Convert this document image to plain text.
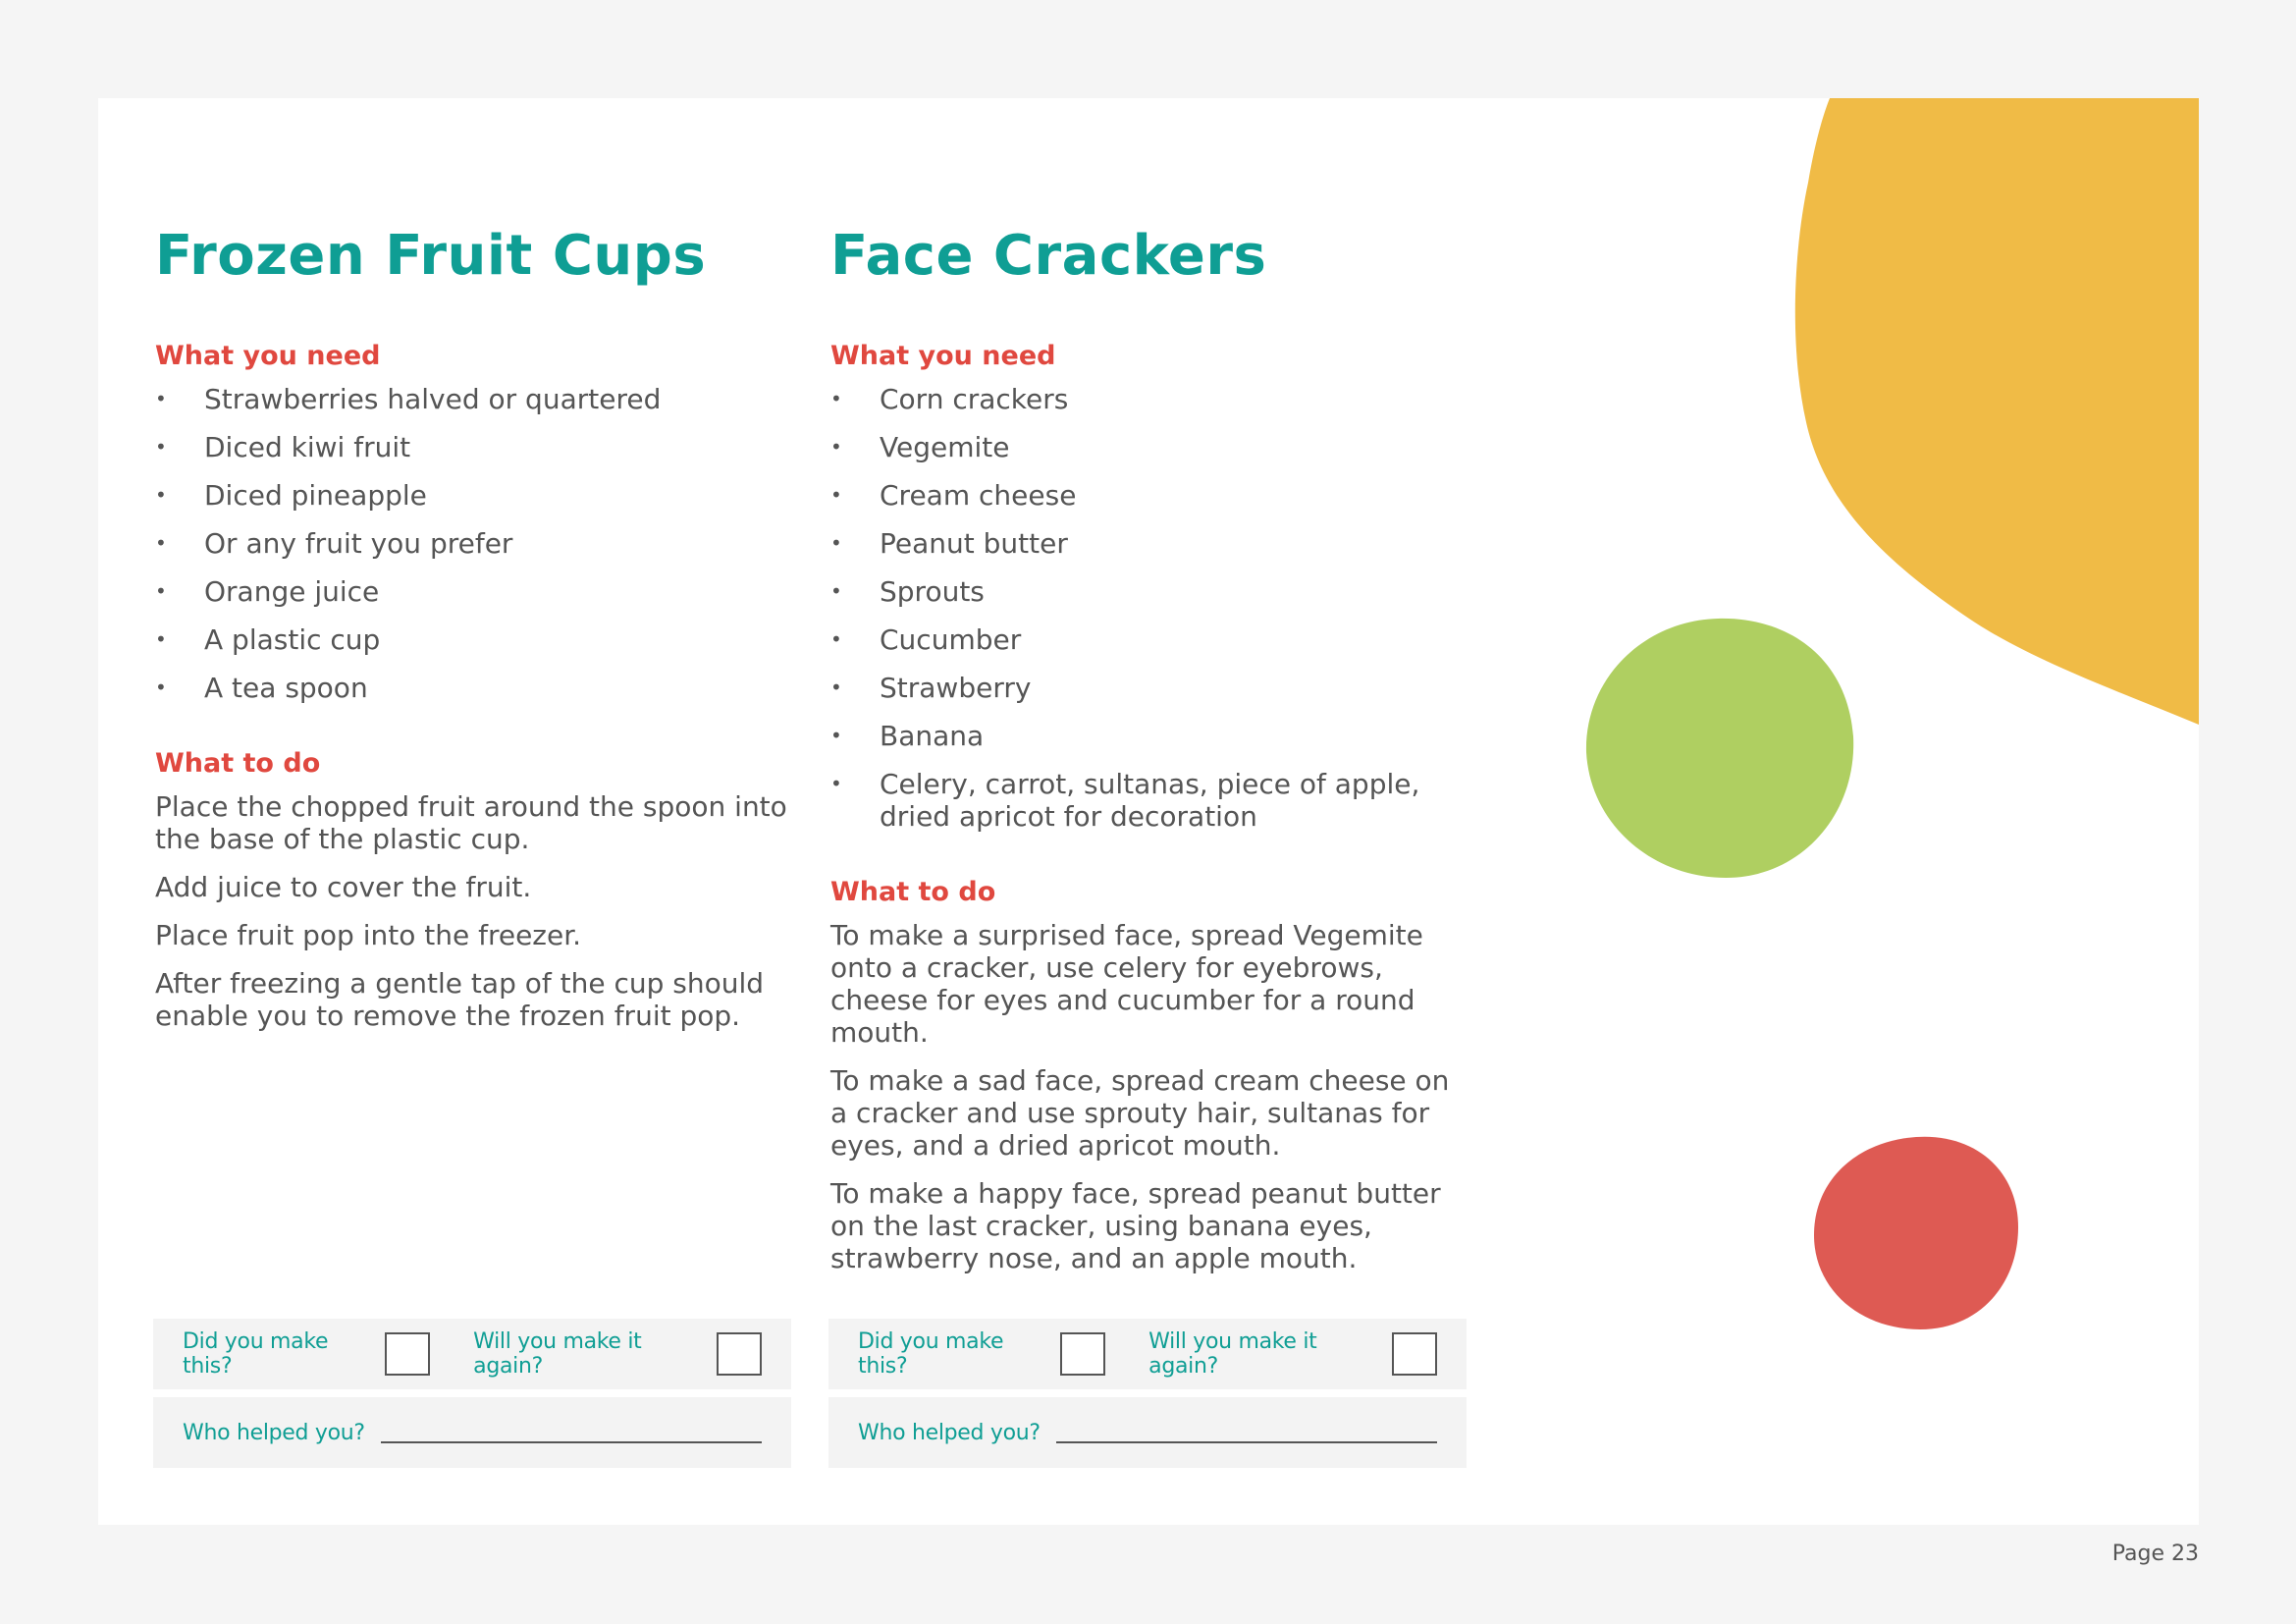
Frozen Fruit Cups
What you need
• Strawberries halved or quartered
• Diced kiwi fruit
• Diced pineapple
• Or any fruit you prefer
• Orange juice
• A plastic cup
• A tea spoon
What to do

Place the chopped fruit around the spoon into the base of the plastic cup.

Add juice to cover the fruit.

Place fruit pop into the freezer.

After freezing a gentle tap of the cup should enable you to remove the frozen fruit pop.

Face Crackers
What you need
• Corn crackers
• Vegemite
• Cream cheese
• Peanut butter
• Sprouts
• Cucumber
• Strawberry
• Banana
• Celery, carrot, sultanas, piece of apple, dried apricot for decoration
What to do

To make a surprised face, spread Vegemite onto a cracker, use celery for eyebrows, cheese for eyes and cucumber for a round mouth.

To make a sad face, spread cream cheese on a cracker and use sprouty hair, sultanas for eyes, and a dried apricot mouth.

To make a happy face, spread peanut butter on the last cracker, using banana eyes, strawberry nose, and an apple mouth.

Did you make this?
Will you make it again?
Who helped you?
Did you make this?
Will you make it again?
Who helped you?
Page 23
